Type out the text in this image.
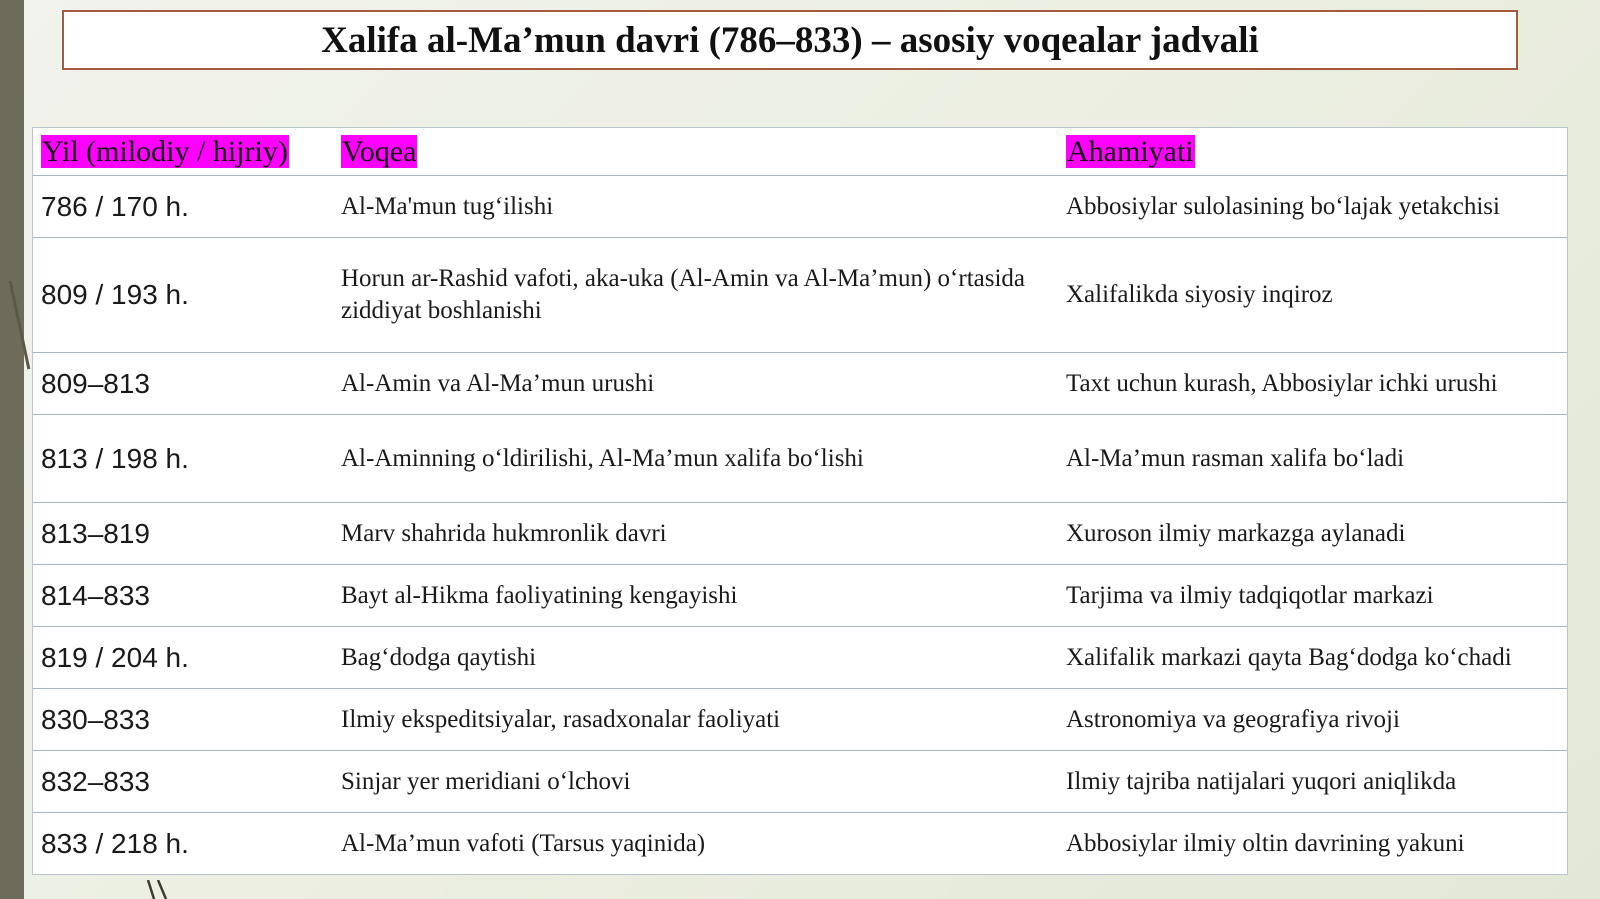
Xalifa al-Ma’mun davri (786–833) – asosiy voqealar jadvali
Yil (milodiy / hijriy)	Voqea	Ahamiyati
786 / 170 h.	Al-Ma'mun tug‘ilishi	Abbosiylar sulolasining bo‘lajak yetakchisi
809 / 193 h.	Horun ar-Rashid vafoti, aka-uka (Al-Amin va Al-Ma’mun) o‘rtasida ziddiyat boshlanishi	Xalifalikda siyosiy inqiroz
809–813	Al-Amin va Al-Ma’mun urushi	Taxt uchun kurash, Abbosiylar ichki urushi
813 / 198 h.	Al-Aminning o‘ldirilishi, Al-Ma’mun xalifa bo‘lishi	Al-Ma’mun rasman xalifa bo‘ladi
813–819	Marv shahrida hukmronlik davri	Xuroson ilmiy markazga aylanadi
814–833	Bayt al-Hikma faoliyatining kengayishi	Tarjima va ilmiy tadqiqotlar markazi
819 / 204 h.	Bag‘dodga qaytishi	Xalifalik markazi qayta Bag‘dodga ko‘chadi
830–833	Ilmiy ekspeditsiyalar, rasadxonalar faoliyati	Astronomiya va geografiya rivoji
832–833	Sinjar yer meridiani o‘lchovi	Ilmiy tajriba natijalari yuqori aniqlikda
833 / 218 h.	Al-Ma’mun vafoti (Tarsus yaqinida)	Abbosiylar ilmiy oltin davrining yakuni
